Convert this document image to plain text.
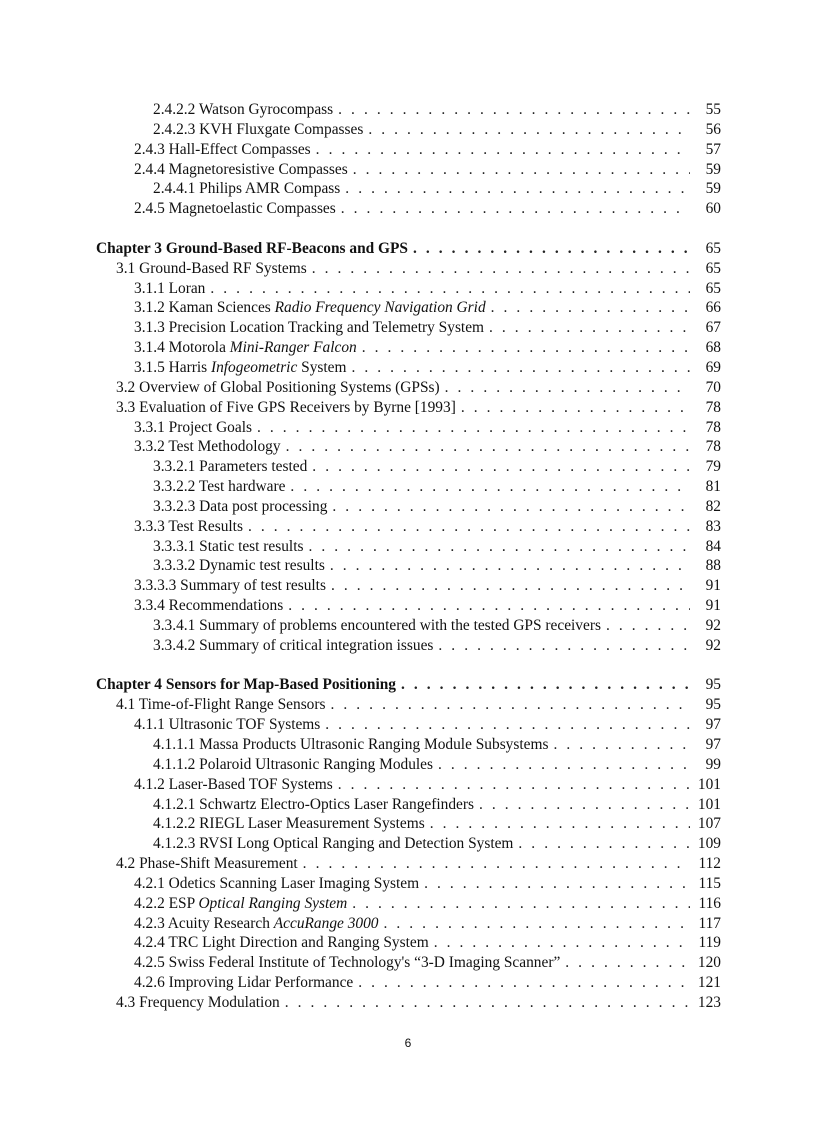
2.4.2.2 Watson Gyrocompass . . .	55
2.4.2.3 KVH Fluxgate Compasses . . .	56
2.4.3 Hall-Effect Compasses . . .	57
2.4.4 Magnetoresistive Compasses . . .	59
2.4.4.1 Philips AMR Compass . . .	59
2.4.5 Magnetoelastic Compasses . . .	60
Chapter 3 Ground-Based RF-Beacons and GPS . . .	65
3.1 Ground-Based RF Systems . . .	65
3.1.1 Loran . . .	65
3.1.2 Kaman Sciences Radio Frequency Navigation Grid . . .	66
3.1.3 Precision Location Tracking and Telemetry System . . .	67
3.1.4 Motorola Mini-Ranger Falcon . . .	68
3.1.5 Harris Infogeometric System . . .	69
3.2 Overview of Global Positioning Systems (GPSs) . . .	70
3.3 Evaluation of Five GPS Receivers by Byrne [1993] . . .	78
3.3.1 Project Goals . . .	78
3.3.2 Test Methodology . . .	78
3.3.2.1 Parameters tested . . .	79
3.3.2.2 Test hardware . . .	81
3.3.2.3 Data post processing . . .	82
3.3.3 Test Results . . .	83
3.3.3.1 Static test results . . .	84
3.3.3.2 Dynamic test results . . .	88
3.3.3.3 Summary of test results . . .	91
3.3.4 Recommendations . . .	91
3.3.4.1 Summary of problems encountered with the tested GPS receivers . . .	92
3.3.4.2 Summary of critical integration issues . . .	92
Chapter 4 Sensors for Map-Based Positioning . . .	95
4.1 Time-of-Flight Range Sensors . . .	95
4.1.1 Ultrasonic TOF Systems . . .	97
4.1.1.1 Massa Products Ultrasonic Ranging Module Subsystems . . .	97
4.1.1.2 Polaroid Ultrasonic Ranging Modules . . .	99
4.1.2 Laser-Based TOF Systems . . .	101
4.1.2.1 Schwartz Electro-Optics Laser Rangefinders . . .	101
4.1.2.2 RIEGL Laser Measurement Systems . . .	107
4.1.2.3 RVSI Long Optical Ranging and Detection System . . .	109
4.2 Phase-Shift Measurement . . .	112
4.2.1 Odetics Scanning Laser Imaging System . . .	115
4.2.2 ESP Optical Ranging System . . .	116
4.2.3 Acuity Research AccuRange 3000 . . .	117
4.2.4 TRC Light Direction and Ranging System . . .	119
4.2.5 Swiss Federal Institute of Technology's “3-D Imaging Scanner” . . .	120
4.2.6 Improving Lidar Performance . . .	121
4.3 Frequency Modulation . . .	123
6
